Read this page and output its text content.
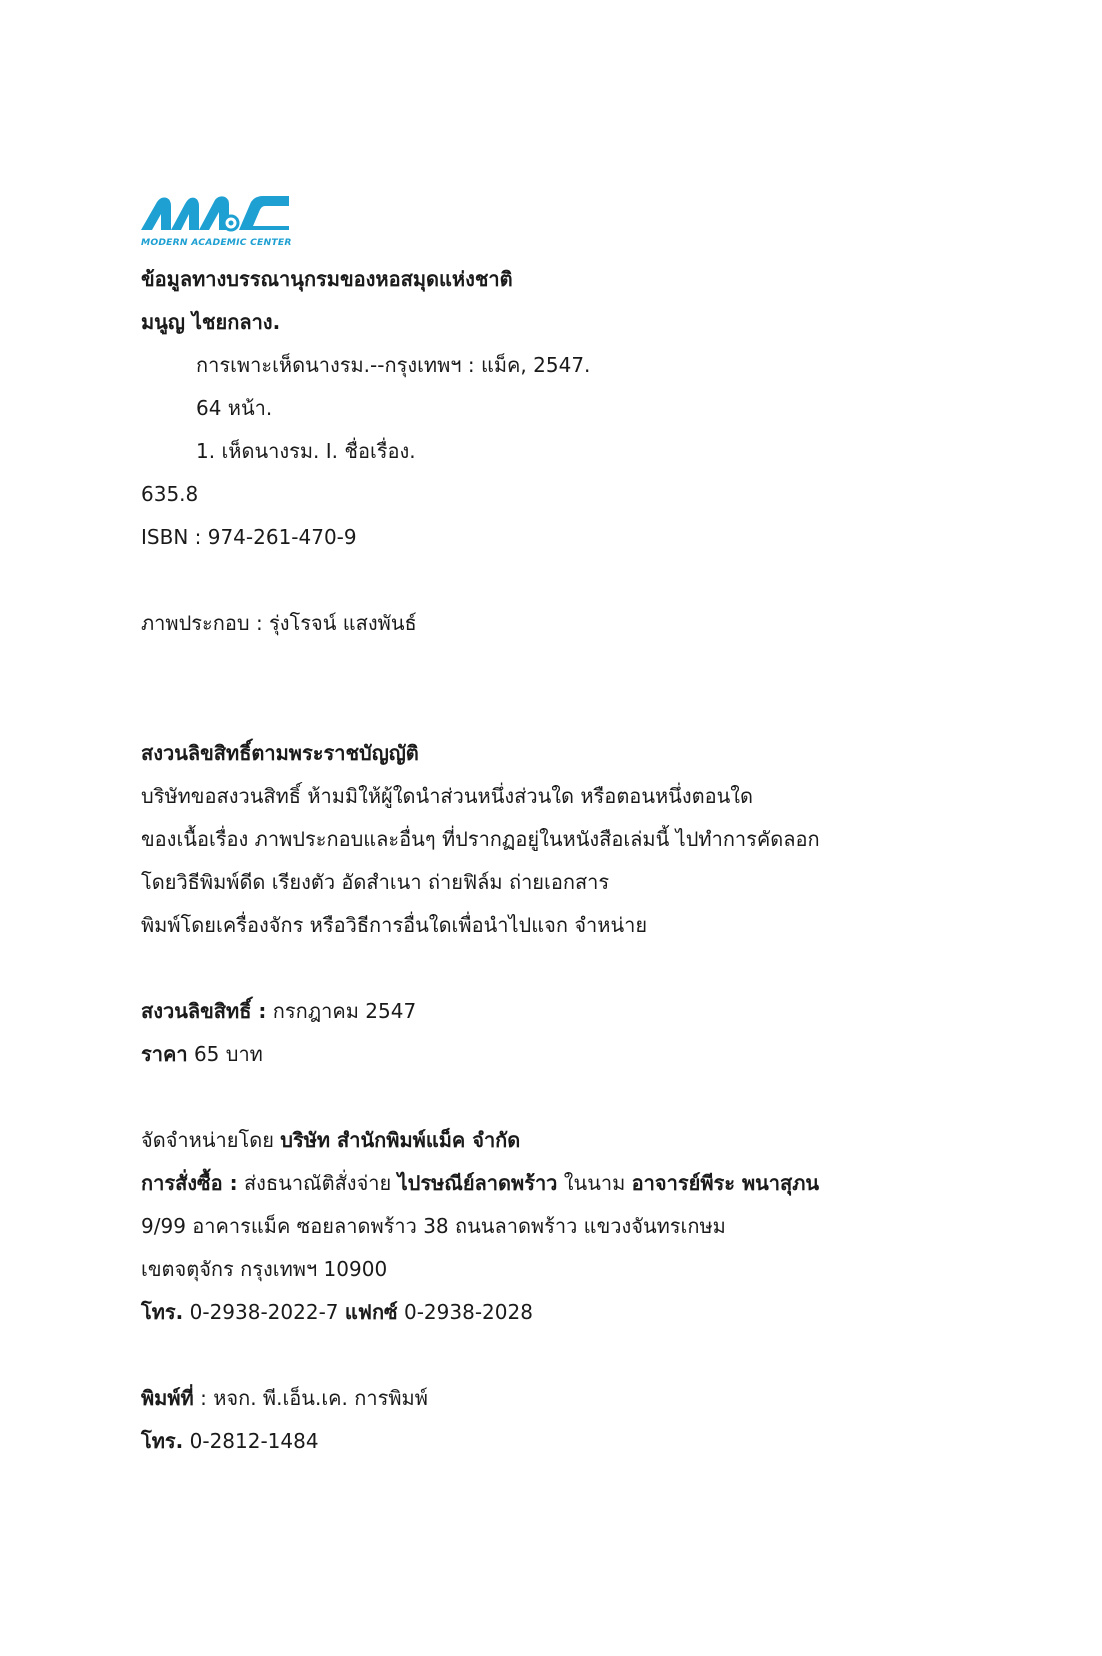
MODERN ACADEMIC CENTER
ข้อมูลทางบรรณานุกรมของหอสมุดแห่งชาติ
มนูญ ไชยกลาง.
การเพาะเห็ดนางรม.--กรุงเทพฯ : แม็ค, 2547.
64 หน้า.
1. เห็ดนางรม. I. ชื่อเรื่อง.
635.8
ISBN : 974-261-470-9
ภาพประกอบ : รุ่งโรจน์ แสงพันธ์
สงวนลิขสิทธิ์ตามพระราชบัญญัติ
บริษัทขอสงวนสิทธิ์ ห้ามมิให้ผู้ใดนำส่วนหนึ่งส่วนใด หรือตอนหนึ่งตอนใด
ของเนื้อเรื่อง ภาพประกอบและอื่นๆ ที่ปรากฏอยู่ในหนังสือเล่มนี้ ไปทำการคัดลอก
โดยวิธีพิมพ์ดีด เรียงตัว อัดสำเนา ถ่ายฟิล์ม ถ่ายเอกสาร
พิมพ์โดยเครื่องจักร หรือวิธีการอื่นใดเพื่อนำไปแจก จำหน่าย
สงวนลิขสิทธิ์ : กรกฎาคม 2547
ราคา 65 บาท
จัดจำหน่ายโดย บริษัท สำนักพิมพ์แม็ค จำกัด
การสั่งซื้อ : ส่งธนาณัติสั่งจ่าย ไปรษณีย์ลาดพร้าว ในนาม อาจารย์พีระ พนาสุภน
9/99 อาคารแม็ค ซอยลาดพร้าว 38 ถนนลาดพร้าว แขวงจันทรเกษม
เขตจตุจักร กรุงเทพฯ 10900
โทร. 0-2938-2022-7 แฟกซ์ 0-2938-2028
พิมพ์ที่ : หจก. พี.เอ็น.เค. การพิมพ์
โทร. 0-2812-1484
